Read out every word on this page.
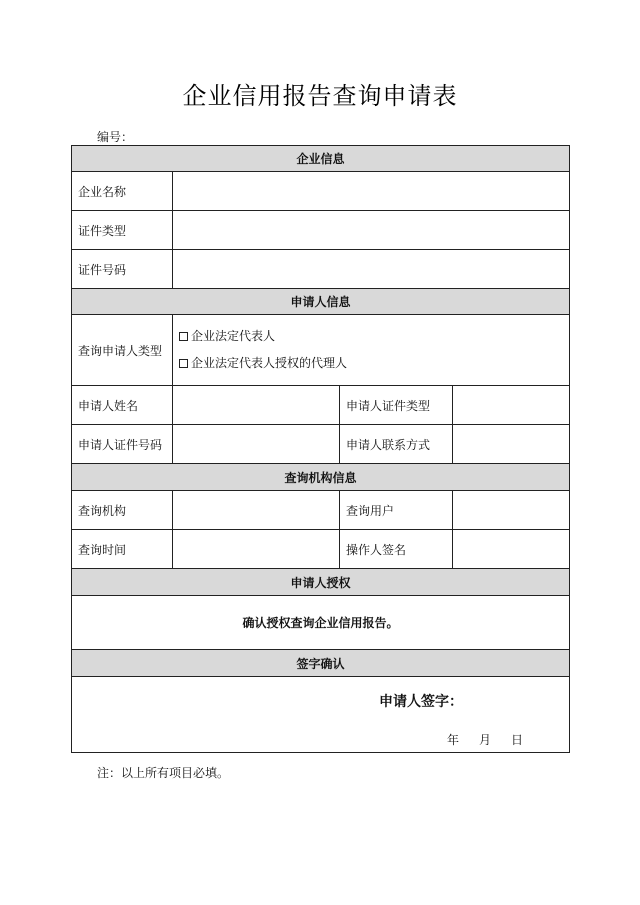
企业信用报告查询申请表
编号：
企业信息			
企业名称			
证件类型			
证件号码			
申请人信息			
查询申请人类型	企业法定代表人
企业法定代表人授权的代理人		

申请人姓名		申请人证件类型	
申请人证件号码		申请人联系方式	
查询机构信息			
查询机构		查询用户	
查询时间		操作人签名	
申请人授权			
确认授权查询企业信用报告。			
签字确认			

申请人签字：
年 月 日			
注：以上所有项目必填。
